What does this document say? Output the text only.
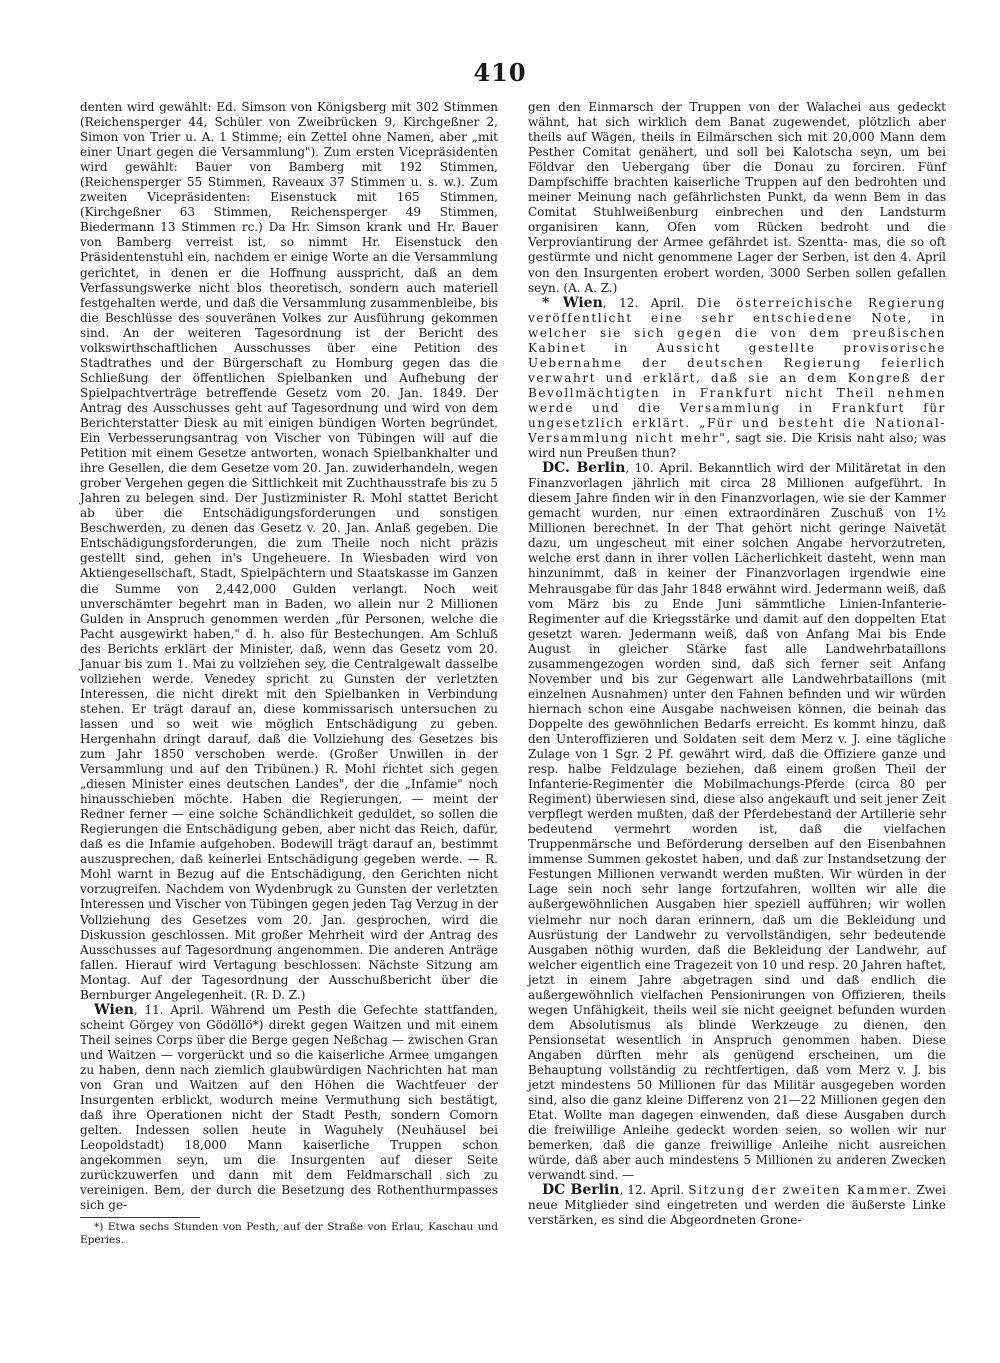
410

denten wird gewählt: Ed. Simson von Königsberg mit 302 Stimmen (Reichensperger 44, Schüler von Zweibrücken 9, Kirchgeßner 2, Simon von Trier u. A. 1 Stimme; ein Zettel ohne Namen, aber „mit einer Unart gegen die Versammlung"). Zum ersten Vicepräsidenten wird gewählt: Bauer von Bamberg mit 192 Stimmen, (Reichensperger 55 Stimmen, Raveaux 37 Stimmen u. s. w.). Zum zweiten Vicepräsidenten: Eisenstuck mit 165 Stimmen, (Kirchgeßner 63 Stimmen, Reichensperger 49 Stimmen, Biedermann 13 Stimmen rc.) Da Hr. Simson krank und Hr. Bauer von Bamberg verreist ist, so nimmt Hr. Eisenstuck den Präsidentenstuhl ein, nachdem er einige Worte an die Versammlung gerichtet, in denen er die Hoffnung ausspricht, daß an dem Verfassungswerke nicht blos theoretisch, sondern auch materiell festgehalten werde, und daß die Versammlung zusammenbleibe, bis die Beschlüsse des souveränen Volkes zur Ausführung gekommen sind. An der weiteren Tagesordnung ist der Bericht des volkswirthschaftlichen Ausschusses über eine Petition des Stadtrathes und der Bürgerschaft zu Homburg gegen das die Schließung der öffentlichen Spielbanken und Aufhebung der Spielpachtverträge betreffende Gesetz vom 20. Jan. 1849. Der Antrag des Ausschusses geht auf Tagesordnung und wird von dem Berichterstatter Diesk au mit einigen bündigen Worten begründet. Ein Verbesserungsantrag von Vischer von Tübingen will auf die Petition mit einem Gesetze antworten, wonach Spielbankhalter und ihre Gesellen, die dem Gesetze vom 20. Jan. zuwiderhandeln, wegen grober Vergehen gegen die Sittlichkeit mit Zuchthausstrafe bis zu 5 Jahren zu belegen sind. Der Justizminister R. Mohl stattet Bericht ab über die Entschädigungsforderungen und sonstigen Beschwerden, zu denen das Gesetz v. 20. Jan. Anlaß gegeben. Die Entschädigungsforderungen, die zum Theile noch nicht präzis gestellt sind, gehen in's Ungeheuere. In Wiesbaden wird von Aktiengesellschaft, Stadt, Spielpächtern und Staatskasse im Ganzen die Summe von 2,442,000 Gulden verlangt. Noch weit unverschämter begehrt man in Baden, wo allein nur 2 Millionen Gulden in Anspruch genommen werden „für Personen, welche die Pacht ausgewirkt haben," d. h. also für Bestechungen. Am Schluß des Berichts erklärt der Minister, daß, wenn das Gesetz vom 20. Januar bis zum 1. Mai zu vollziehen sey, die Centralgewalt dasselbe vollziehen werde. Venedey spricht zu Gunsten der verletzten Interessen, die nicht direkt mit den Spielbanken in Verbindung stehen. Er trägt darauf an, diese kommissarisch untersuchen zu lassen und so weit wie möglich Entschädigung zu geben. Hergenhahn dringt darauf, daß die Vollziehung des Gesetzes bis zum Jahr 1850 verschoben werde. (Großer Unwillen in der Versammlung und auf den Tribünen.) R. Mohl richtet sich gegen „diesen Minister eines deutschen Landes", der die „Infamie" noch hinausschieben möchte. Haben die Regierungen, — meint der Redner ferner — eine solche Schändlichkeit geduldet, so sollen die Regierungen die Entschädigung geben, aber nicht das Reich, dafür, daß es die Infamie aufgehoben. Bodewill trägt darauf an, bestimmt auszusprechen, daß keinerlei Entschädigung gegeben werde. — R. Mohl warnt in Bezug auf die Entschädigung, den Gerichten nicht vorzugreifen. Nachdem von Wydenbrugk zu Gunsten der verletzten Interessen und Vischer von Tübingen gegen jeden Tag Verzug in der Vollziehung des Gesetzes vom 20. Jan. gesprochen, wird die Diskussion geschlossen. Mit großer Mehrheit wird der Antrag des Ausschusses auf Tagesordnung angenommen. Die anderen Anträge fallen. Hierauf wird Vertagung beschlossen. Nächste Sitzung am Montag. Auf der Tagesordnung der Ausschußbericht über die Bernburger Angelegenheit. (R. D. Z.)

Wien, 11. April. Während um Pesth die Gefechte stattfanden, scheint Görgey von Gödöllö*) direkt gegen Waitzen und mit einem Theil seines Corps über die Berge gegen Neßchag — zwischen Gran und Waitzen — vorgerückt und so die kaiserliche Armee umgangen zu haben, denn nach ziemlich glaubwürdigen Nachrichten hat man von Gran und Waitzen auf den Höhen die Wachtfeuer der Insurgenten erblickt, wodurch meine Vermuthung sich bestätigt, daß ihre Operationen nicht der Stadt Pesth, sondern Comorn gelten. Indessen sollen heute in Waguhely (Neuhäusel bei Leopoldstadt) 18,000 Mann kaiserliche Truppen schon angekommen seyn, um die Insurgenten auf dieser Seite zurückzuwerfen und dann mit dem Feldmarschall sich zu vereinigen. Bem, der durch die Besetzung des Rothenthurmpasses sich ge-

*) Etwa sechs Stunden von Pesth, auf der Straße von Erlau, Kaschau und Eperies.

gen den Einmarsch der Truppen von der Walachei aus gedeckt wähnt, hat sich wirklich dem Banat zugewendet, plötzlich aber theils auf Wägen, theils in Eilmärschen sich mit 20,000 Mann dem Pesther Comitat genähert, und soll bei Kalotscha seyn, um bei Földvar den Uebergang über die Donau zu forciren. Fünf Dampfschiffe brachten kaiserliche Truppen auf den bedrohten und meiner Meinung nach gefährlichsten Punkt, da wenn Bem in das Comitat Stuhlweißenburg einbrechen und den Landsturm organisiren kann, Ofen vom Rücken bedroht und die Verproviantirung der Armee gefährdet ist. Szentta- mas, die so oft gestürmte und nicht genommene Lager der Serben, ist den 4. April von den Insurgenten erobert worden, 3000 Serben sollen gefallen seyn. (A. A. Z.)

* Wien, 12. April. Die österreichische Regierung veröffentlicht eine sehr entschiedene Note, in welcher sie sich gegen die von dem preußischen Kabinet in Aussicht gestellte provisorische Uebernahme der deutschen Regierung feierlich verwahrt und erklärt, daß sie an dem Kongreß der Bevollmächtigten in Frankfurt nicht Theil nehmen werde und die Versammlung in Frankfurt für ungesetzlich erklärt. „Für und besteht die National-Versammlung nicht mehr", sagt sie. Die Krisis naht also; was wird nun Preußen thun?

DC. Berlin, 10. April. Bekanntlich wird der Militäretat in den Finanzvorlagen jährlich mit circa 28 Millionen aufgeführt. In diesem Jahre finden wir in den Finanzvorlagen, wie sie der Kammer gemacht wurden, nur einen extraordinären Zuschuß von 1½ Millionen berechnet. In der That gehört nicht geringe Naivetät dazu, um ungescheut mit einer solchen Angabe hervorzutreten, welche erst dann in ihrer vollen Lächerlichkeit dasteht, wenn man hinzunimmt, daß in keiner der Finanzvorlagen irgendwie eine Mehrausgabe für das Jahr 1848 erwähnt wird. Jedermann weiß, daß vom März bis zu Ende Juni sämmtliche Linien-Infanterie-Regimenter auf die Kriegsstärke und damit auf den doppelten Etat gesetzt waren. Jedermann weiß, daß von Anfang Mai bis Ende August in gleicher Stärke fast alle Landwehrbataillons zusammengezogen worden sind, daß sich ferner seit Anfang November und bis zur Gegenwart alle Landwehrbataillons (mit einzelnen Ausnahmen) unter den Fahnen befinden und wir würden hiernach schon eine Ausgabe nachweisen können, die beinah das Doppelte des gewöhnlichen Bedarfs erreicht. Es kommt hinzu, daß den Unteroffizieren und Soldaten seit dem Merz v. J. eine tägliche Zulage von 1 Sgr. 2 Pf. gewährt wird, daß die Offiziere ganze und resp. halbe Feldzulage beziehen, daß einem großen Theil der Infanterie-Regimenter die Mobilmachungs-Pferde (circa 80 per Regiment) überwiesen sind, diese also angekauft und seit jener Zeit verpflegt werden mußten, daß der Pferdebestand der Artillerie sehr bedeutend vermehrt worden ist, daß die vielfachen Truppenmärsche und Beförderung derselben auf den Eisenbahnen immense Summen gekostet haben, und daß zur Instandsetzung der Festungen Millionen verwandt werden mußten. Wir würden in der Lage sein noch sehr lange fortzufahren, wollten wir alle die außergewöhnlichen Ausgaben hier speziell aufführen; wir wollen vielmehr nur noch daran erinnern, daß um die Bekleidung und Ausrüstung der Landwehr zu vervollständigen, sehr bedeutende Ausgaben nöthig wurden, daß die Bekleidung der Landwehr, auf welcher eigentlich eine Tragezeit von 10 und resp. 20 Jahren haftet, jetzt in einem Jahre abgetragen sind und daß endlich die außergewöhnlich vielfachen Pensionirungen von Offizieren, theils wegen Unfähigkeit, theils weil sie nicht geeignet befunden wurden dem Absolutismus als blinde Werkzeuge zu dienen, den Pensionsetat wesentlich in Anspruch genommen haben. Diese Angaben dürften mehr als genügend erscheinen, um die Behauptung vollständig zu rechtfertigen, daß vom Merz v. J. bis jetzt mindestens 50 Millionen für das Militär ausgegeben worden sind, also die ganz kleine Differenz von 21—22 Millionen gegen den Etat. Wollte man dagegen einwenden, daß diese Ausgaben durch die freiwillige Anleihe gedeckt worden seien, so wollen wir nur bemerken, daß die ganze freiwillige Anleihe nicht ausreichen würde, daß aber auch mindestens 5 Millionen zu anderen Zwecken verwandt sind. —

DC Berlin, 12. April. Sitzung der zweiten Kammer. Zwei neue Mitglieder sind eingetreten und werden die äußerste Linke verstärken, es sind die Abgeordneten Grone-
